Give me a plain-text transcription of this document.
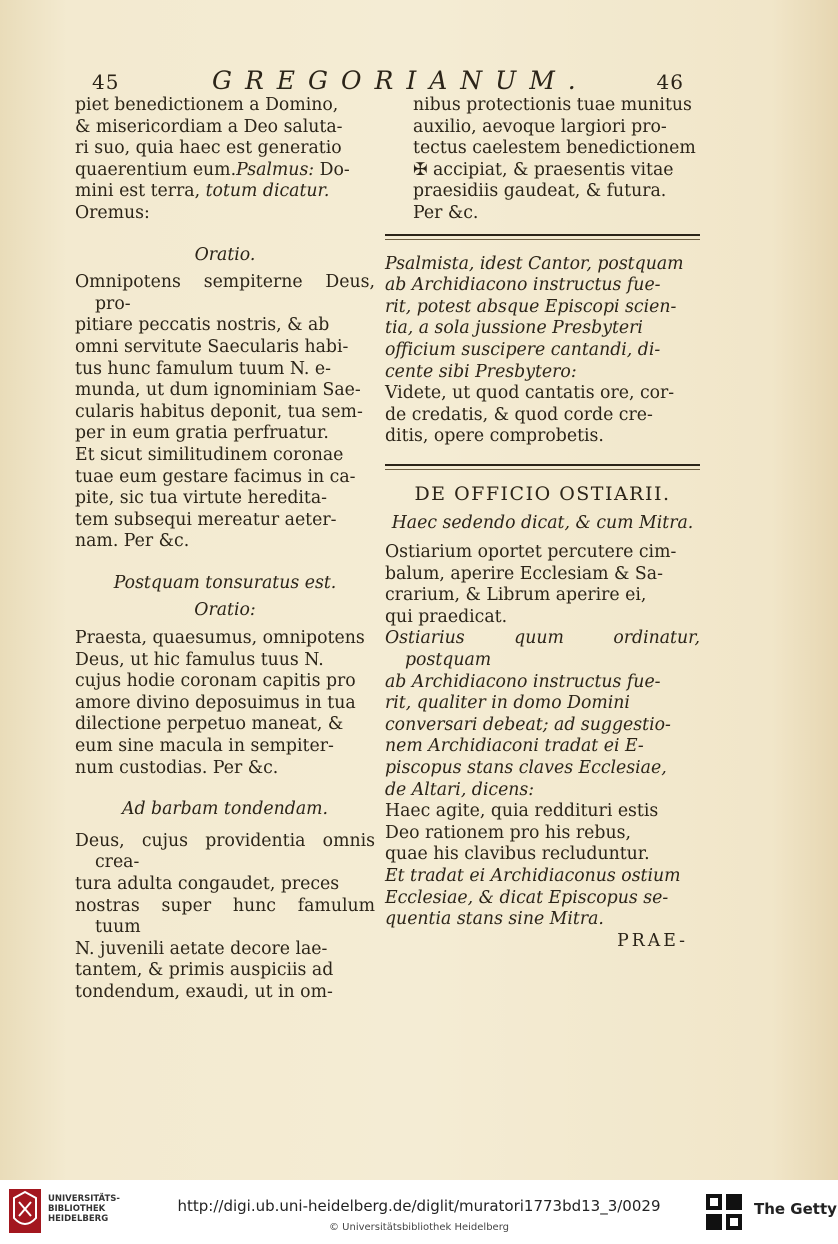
45	GREGORIANUM.	46
piet benedictionem a Domino,
& misericordiam a Deo saluta-
ri suo, quia haec est generatio
quaerentium eum.Psalmus: Do-
mini est terra, totum dicatur.
Oremus:
Oratio.
Omnipotens sempiterne Deus, pro-
pitiare peccatis nostris, & ab
omni servitute Saecularis habi-
tus hunc famulum tuum N. e-
munda, ut dum ignominiam Sae-
cularis habitus deponit, tua sem-
per in eum gratia perfruatur.
Et sicut similitudinem coronae
tuae eum gestare facimus in ca-
pite, sic tua virtute heredita-
tem subsequi mereatur aeter-
nam. Per &c.
Postquam tonsuratus est.
Oratio:
Praesta, quaesumus, omnipotens
Deus, ut hic famulus tuus N.
cujus hodie coronam capitis pro
amore divino deposuimus in tua
dilectione perpetuo maneat, &
eum sine macula in sempiter-
num custodias. Per &c.
Ad barbam tondendam.
Deus, cujus providentia omnis crea-
tura adulta congaudet, preces
nostras super hunc famulum tuum
N. juvenili aetate decore lae-
tantem, & primis auspiciis ad
tondendum, exaudi, ut in om-
nibus protectionis tuae munitus
auxilio, aevoque largiori pro-
tectus caelestem benedictionem
✠ accipiat, & praesentis vitae
praesidiis gaudeat, & futura.
Per &c.
Psalmista, idest Cantor, postquam
ab Archidiacono instructus fue-
rit, potest absque Episcopi scien-
tia, a sola jussione Presbyteri
officium suscipere cantandi, di-
cente sibi Presbytero:
Videte, ut quod cantatis ore, cor-
de credatis, & quod corde cre-
ditis, opere comprobetis.
DE OFFICIO OSTIARII.
Haec sedendo dicat, & cum Mitra.
Ostiarium oportet percutere cim-
balum, aperire Ecclesiam & Sa-
crarium, & Librum aperire ei,
qui praedicat.
Ostiarius quum ordinatur, postquam
ab Archidiacono instructus fue-
rit, qualiter in domo Domini
conversari debeat; ad suggestio-
nem Archidiaconi tradat ei E-
piscopus stans claves Ecclesiae,
de Altari, dicens:
Haec agite, quia reddituri estis
Deo rationem pro his rebus,
quae his clavibus recluduntur.
Et tradat ei Archidiaconus ostium
Ecclesiae, & dicat Episcopus se-
quentia stans sine Mitra.
PRAE-
UNIVERSITÄTS-
BIBLIOTHEK
HEIDELBERG
http://digi.ub.uni-heidelberg.de/diglit/muratori1773bd13_3/0029
© Universitätsbibliothek Heidelberg
The Getty
